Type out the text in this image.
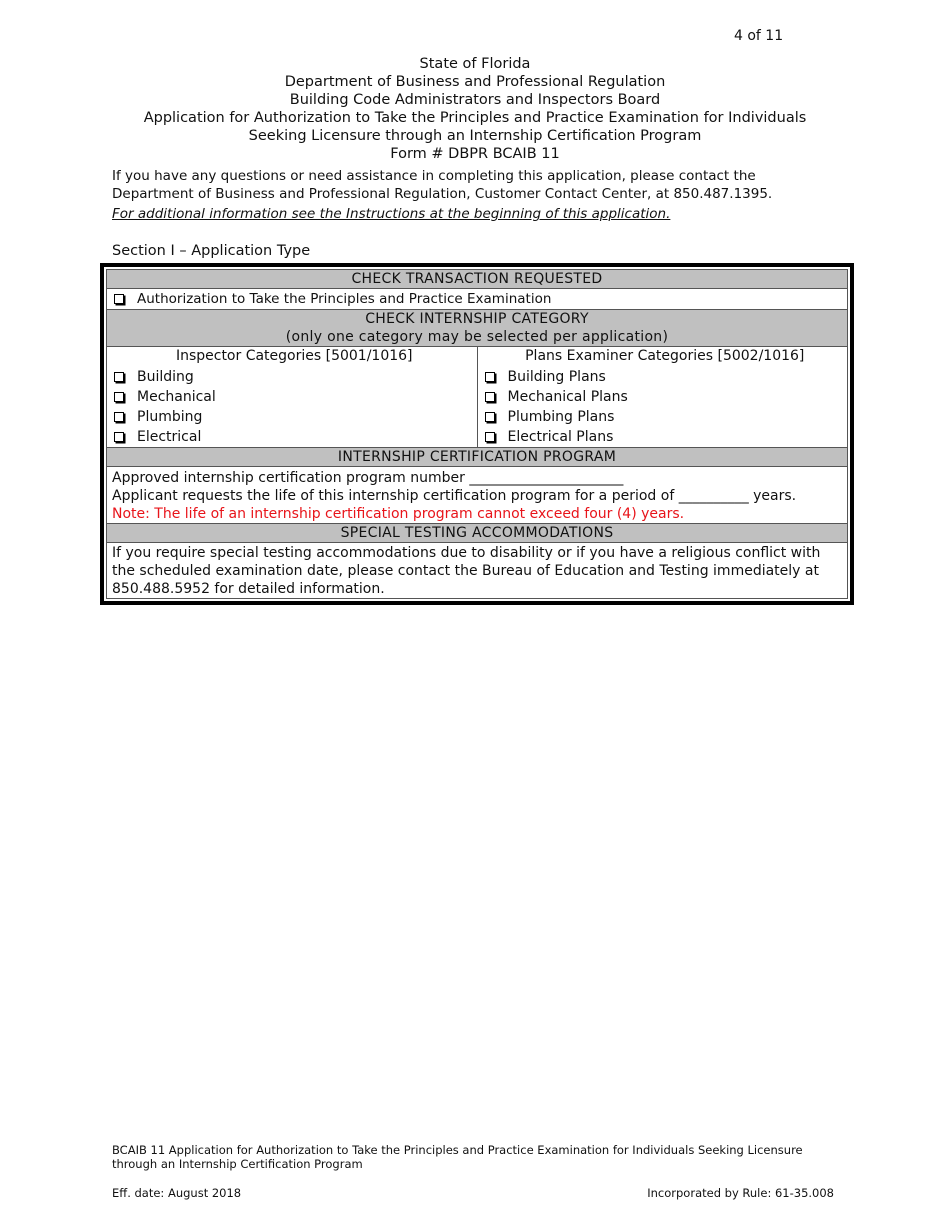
4 of 11
State of Florida
Department of Business and Professional Regulation
Building Code Administrators and Inspectors Board
Application for Authorization to Take the Principles and Practice Examination for Individuals
Seeking Licensure through an Internship Certification Program
Form # DBPR BCAIB 11
If you have any questions or need assistance in completing this application, please contact the
Department of Business and Professional Regulation, Customer Contact Center, at 850.487.1395.
For additional information see the Instructions at the beginning of this application.
Section I – Application Type
CHECK TRANSACTION REQUESTED
Authorization to Take the Principles and Practice Examination
CHECK INTERNSHIP CATEGORY
(only one category may be selected per application)
Inspector Categories [5001/1016]
Building
Mechanical
Plumbing
Electrical
Plans Examiner Categories [5002/1016]
Building Plans
Mechanical Plans
Plumbing Plans
Electrical Plans
INTERNSHIP CERTIFICATION PROGRAM
Approved internship certification program number ______________________
Applicant requests the life of this internship certification program for a period of __________ years.
Note: The life of an internship certification program cannot exceed four (4) years.
SPECIAL TESTING ACCOMMODATIONS
If you require special testing accommodations due to disability or if you have a religious conflict with the scheduled examination date, please contact the Bureau of Education and Testing immediately at 850.488.5952 for detailed information.
BCAIB 11 Application for Authorization to Take the Principles and Practice Examination for Individuals Seeking Licensure through an Internship Certification Program
Eff. date: August 2018	Incorporated by Rule: 61-35.008
